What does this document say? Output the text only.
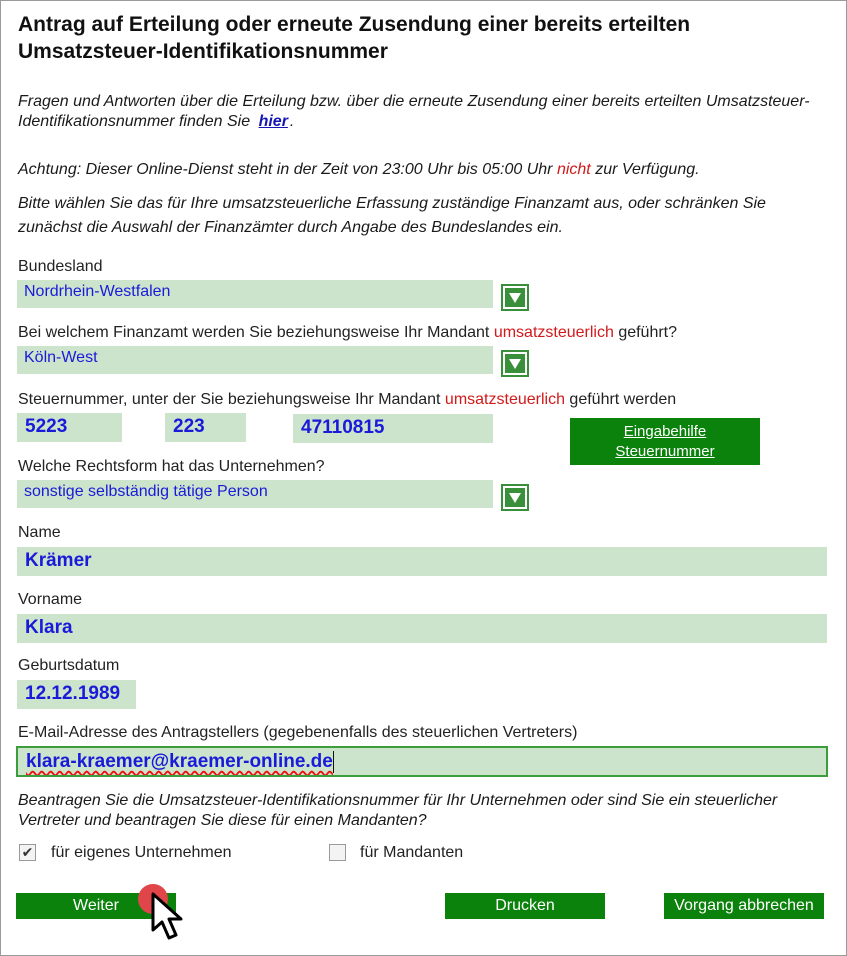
Antrag auf Erteilung oder erneute Zusendung einer bereits erteilten Umsatzsteuer-Identifikationsnummer
Fragen und Antworten über die Erteilung bzw. über die erneute Zusendung einer bereits erteilten Umsatzsteuer-Identifikationsnummer finden Sie hier .
Achtung: Dieser Online-Dienst steht in der Zeit von 23:00 Uhr bis 05:00 Uhr nicht zur Verfügung.
Bitte wählen Sie das für Ihre umsatzsteuerliche Erfassung zuständige Finanzamt aus, oder schränken Sie zunächst die Auswahl der Finanzämter durch Angabe des Bundeslandes ein.
Bundesland
Nordrhein-Westfalen
Bei welchem Finanzamt werden Sie beziehungsweise Ihr Mandant umsatzsteuerlich geführt?
Köln-West
Steuernummer, unter der Sie beziehungsweise Ihr Mandant umsatzsteuerlich geführt werden
5223	223	47110815	Eingabehilfe
Steuernummer
Welche Rechtsform hat das Unternehmen?
sonstige selbständig tätige Person
Name
Krämer
Vorname
Klara
Geburtsdatum
12.12.1989
E-Mail-Adresse des Antragstellers (gegebenenfalls des steuerlichen Vertreters)
klara-kraemer@kraemer-online.de
Beantragen Sie die Umsatzsteuer-Identifikationsnummer für Ihr Unternehmen oder sind Sie ein steuerlicher Vertreter und beantragen Sie diese für einen Mandanten?
✔ für eigenes Unternehmen	für Mandanten
Weiter	Drucken	Vorgang abbrechen
